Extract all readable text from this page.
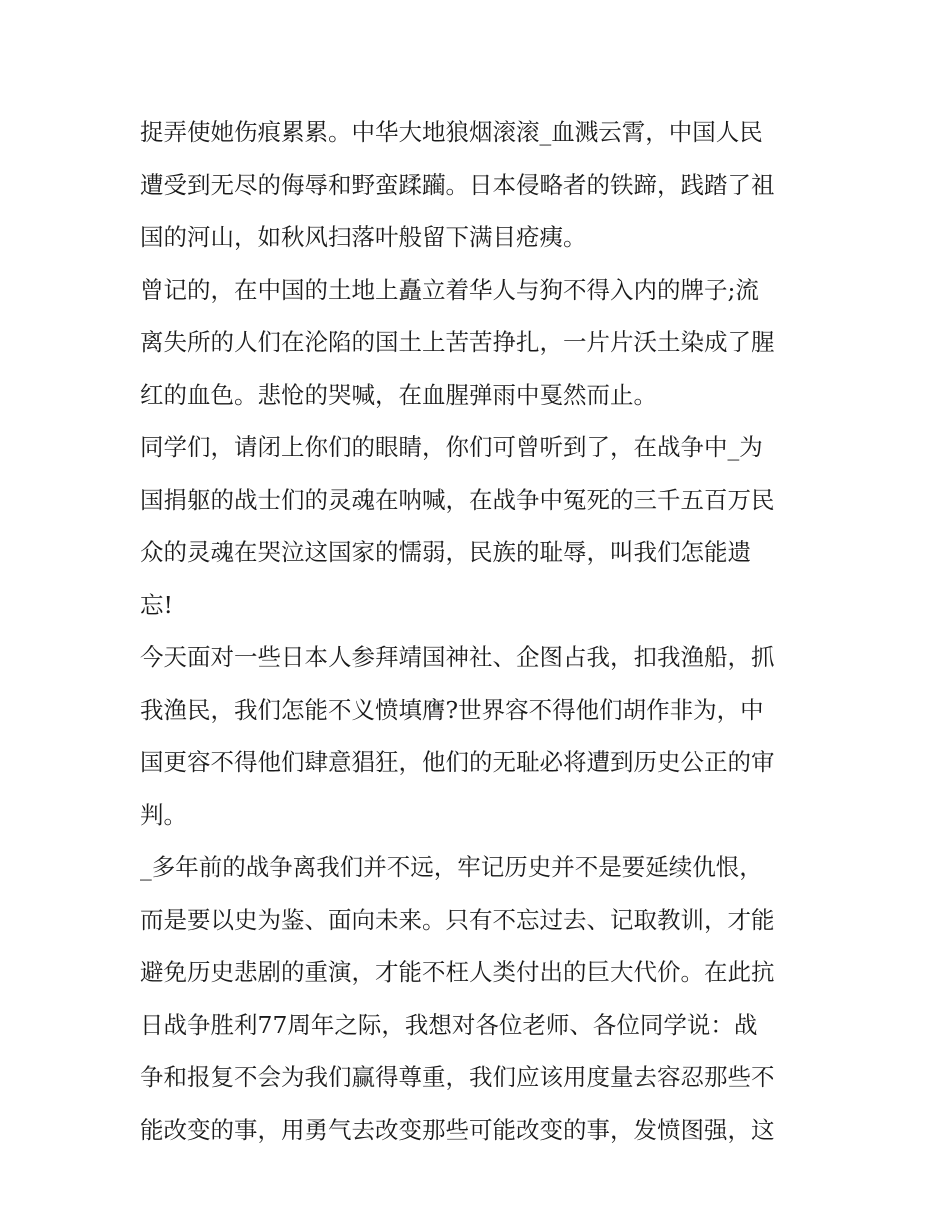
捉弄使她伤痕累累。中华大地狼烟滚滚_血溅云霄，中国人民
遭受到无尽的侮辱和野蛮蹂躏。日本侵略者的铁蹄，践踏了祖
国的河山，如秋风扫落叶般留下满目疮痍。
曾记的，在中国的土地上矗立着华人与狗不得入内的牌子;流
离失所的人们在沦陷的国土上苦苦挣扎，一片片沃土染成了腥
红的血色。悲怆的哭喊，在血腥弹雨中戛然而止。
同学们，请闭上你们的眼睛，你们可曾听到了，在战争中_为
国捐躯的战士们的灵魂在呐喊，在战争中冤死的三千五百万民
众的灵魂在哭泣这国家的懦弱，民族的耻辱，叫我们怎能遗
忘!
今天面对一些日本人参拜靖国神社、企图占我，扣我渔船，抓
我渔民，我们怎能不义愤填膺?世界容不得他们胡作非为，中
国更容不得他们肆意猖狂，他们的无耻必将遭到历史公正的审
判。
_多年前的战争离我们并不远，牢记历史并不是要延续仇恨，
而是要以史为鉴、面向未来。只有不忘过去、记取教训，才能
避免历史悲剧的重演，才能不枉人类付出的巨大代价。在此抗
日战争胜利77周年之际，我想对各位老师、各位同学说：战
争和报复不会为我们赢得尊重，我们应该用度量去容忍那些不
能改变的事，用勇气去改变那些可能改变的事，发愤图强，这
